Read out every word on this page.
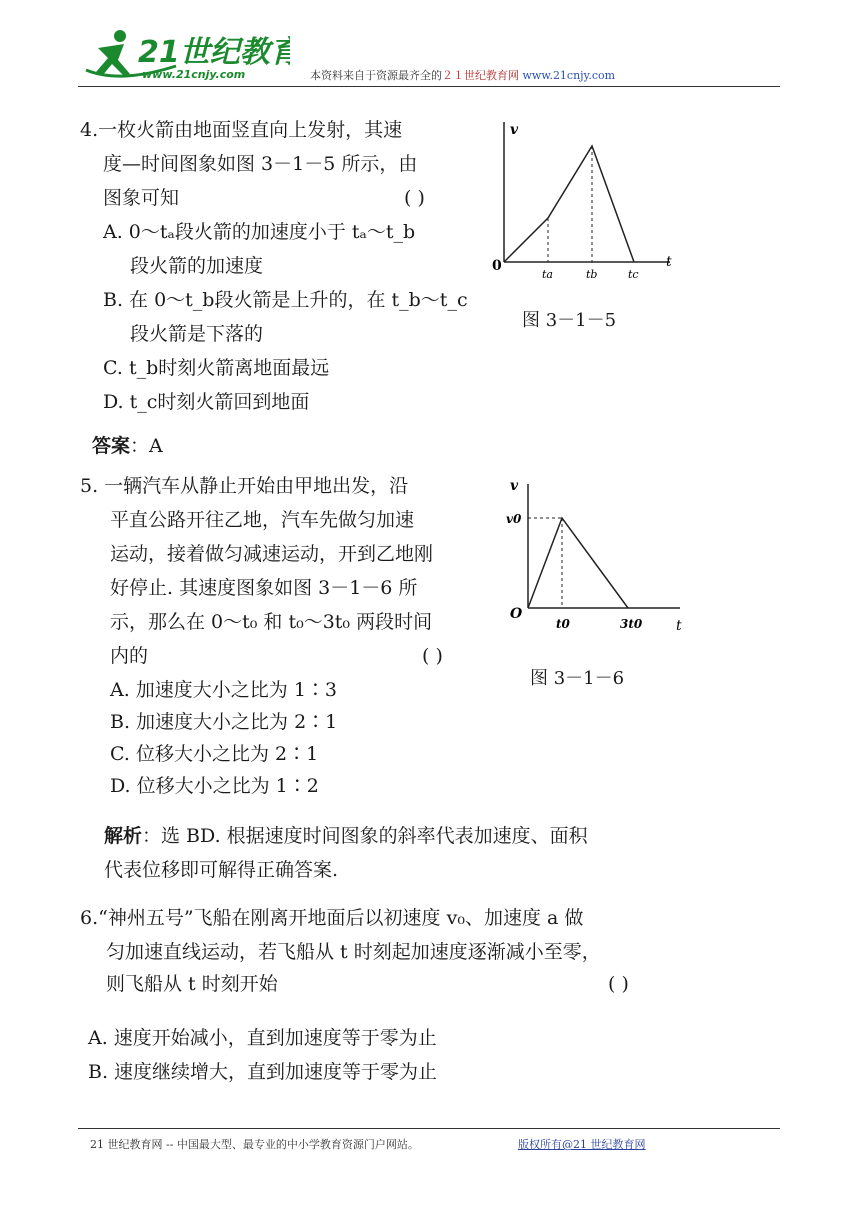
21世纪教育
www.21cnjy.com	本资料来自于资源最齐全的２１世纪教育网 www.21cnjy.com
4.一枚火箭由地面竖直向上发射，其速
度—时间图象如图 3－1－5 所示，由
图象可知	( )
A. 0～tₐ段火箭的加速度小于 tₐ～t_b
段火箭的加速度
B. 在 0～t_b段火箭是上升的，在 t_b～t_c
段火箭是下落的
C. t_b时刻火箭离地面最远
D. t_c时刻火箭回到地面
答案：A
v
t
0
ta	tb	tc
图 3－1－5
5. 一辆汽车从静止开始由甲地出发，沿
平直公路开往乙地，汽车先做匀加速
运动，接着做匀减速运动，开到乙地刚
好停止. 其速度图象如图 3－1－6 所
示，那么在 0～t₀ 和 t₀～3t₀ 两段时间
内的	( )
A. 加速度大小之比为 1∶3
B. 加速度大小之比为 2∶1
C. 位移大小之比为 2∶1
D. 位移大小之比为 1∶2
解析：选 BD. 根据速度时间图象的斜率代表加速度、面积
代表位移即可解得正确答案.
v
t
O
v0
t0	3t0
图 3－1－6
6.“神州五号”飞船在刚离开地面后以初速度 v₀、加速度 a 做
匀加速直线运动，若飞船从 t 时刻起加速度逐渐减小至零，
则飞船从 t 时刻开始	( )
A. 速度开始减小，直到加速度等于零为止
B. 速度继续增大，直到加速度等于零为止
21 世纪教育网 -- 中国最大型、最专业的中小学教育资源门户网站。	版权所有@21 世纪教育网
